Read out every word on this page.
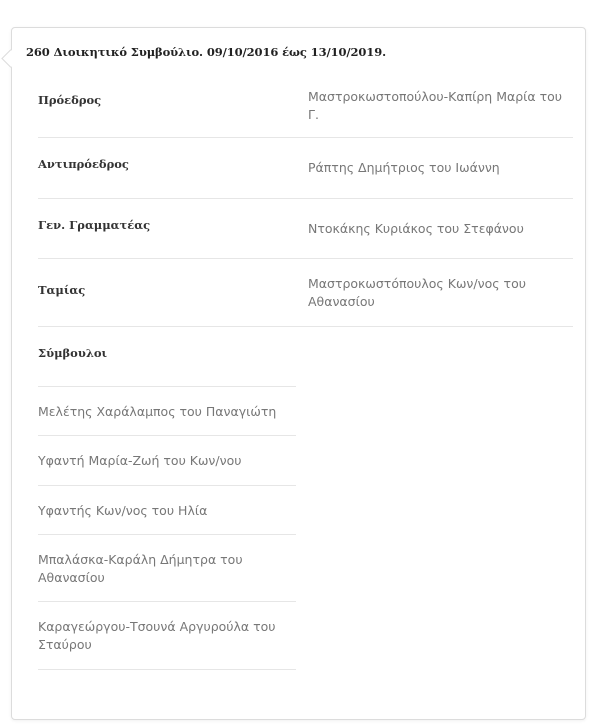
260 Διοικητικό Συμβούλιο. 09/10/2016 έως 13/10/2019.
Πρόεδρος	Μαστροκωστοπούλου-Καπίρη Μαρία του Γ.
Αντιπρόεδρος	Ράπτης Δημήτριος του Ιωάννη
Γεν. Γραμματέας	Ντοκάκης Κυριάκος του Στεφάνου
Ταμίας	Μαστροκωστόπουλος Κων/νος του Αθανασίου
Σύμβουλοι
Μελέτης Χαράλαμπος του Παναγιώτη
Υφαντή Μαρία-Ζωή του Κων/νου
Υφαντής Κων/νος του Ηλία
Μπαλάσκα-Καράλη Δήμητρα του Αθανασίου
Καραγεώργου-Τσουνά Αργυρούλα του Σταύρου
